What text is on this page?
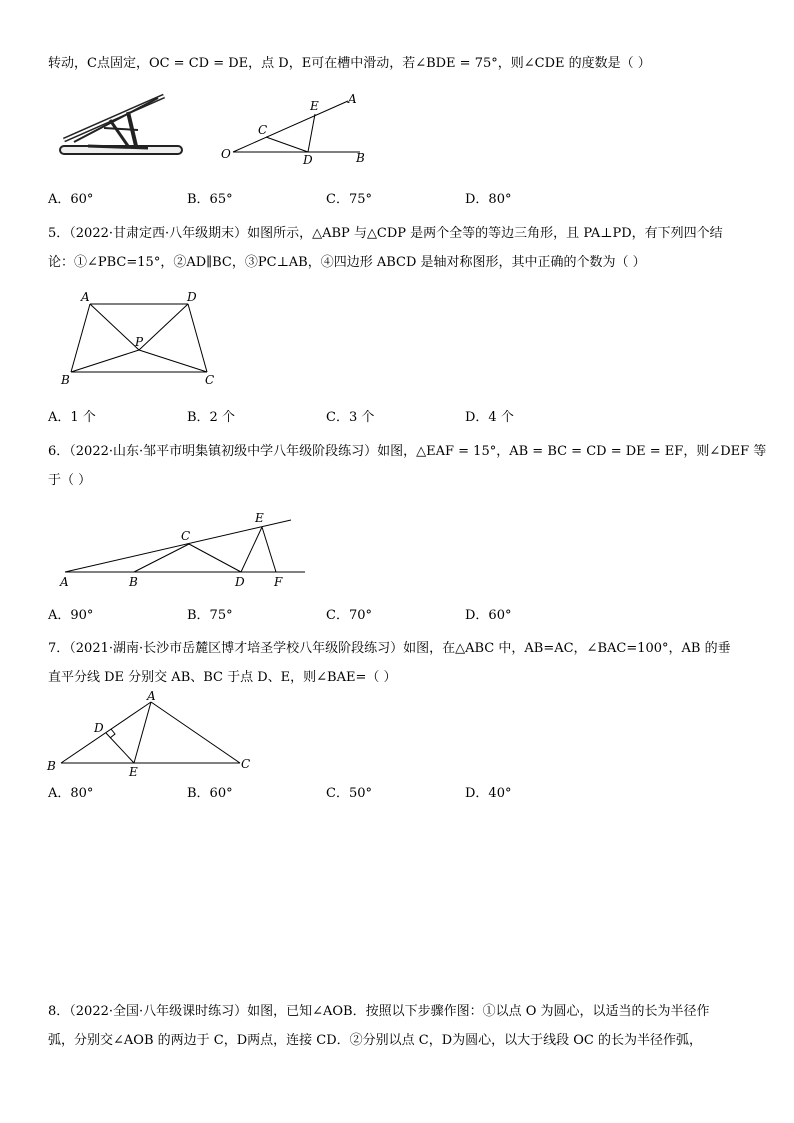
转动，C点固定，OC = CD = DE，点 D，E可在槽中滑动，若∠BDE = 75°，则∠CDE 的度数是（ ）
O
C
D
E A
B
A．60°	B．65°	C．75°	D．80°
5．（2022·甘肃定西·八年级期末）如图所示，△ABP 与△CDP 是两个全等的等边三角形，且 PA⊥PD，有下列四个结
论：①∠PBC=15°，②AD∥BC，③PC⊥AB，④四边形 ABCD 是轴对称图形，其中正确的个数为（ ）
A	D
P
B	C
A．1 个	B．2 个	C．3 个	D．4 个
6．（2022·山东·邹平市明集镇初级中学八年级阶段练习）如图，△EAF = 15°，AB = BC = CD = DE = EF，则∠DEF 等
于（ ）
A	B
C
D
E
F
A．90°	B．75°	C．70°	D．60°
7．（2021·湖南·长沙市岳麓区博才培圣学校八年级阶段练习）如图，在△ABC 中，AB=AC，∠BAC=100°，AB 的垂
直平分线 DE 分别交 AB、BC 于点 D、E，则∠BAE=（ ）
A
B	C
D
E
A．80°	B．60°	C．50°	D．40°
8．（2022·全国·八年级课时练习）如图，已知∠AOB．按照以下步骤作图：①以点 O 为圆心，以适当的长为半径作
弧，分别交∠AOB 的两边于 C，D两点，连接 CD．②分别以点 C，D为圆心，以大于线段 OC 的长为半径作弧，
